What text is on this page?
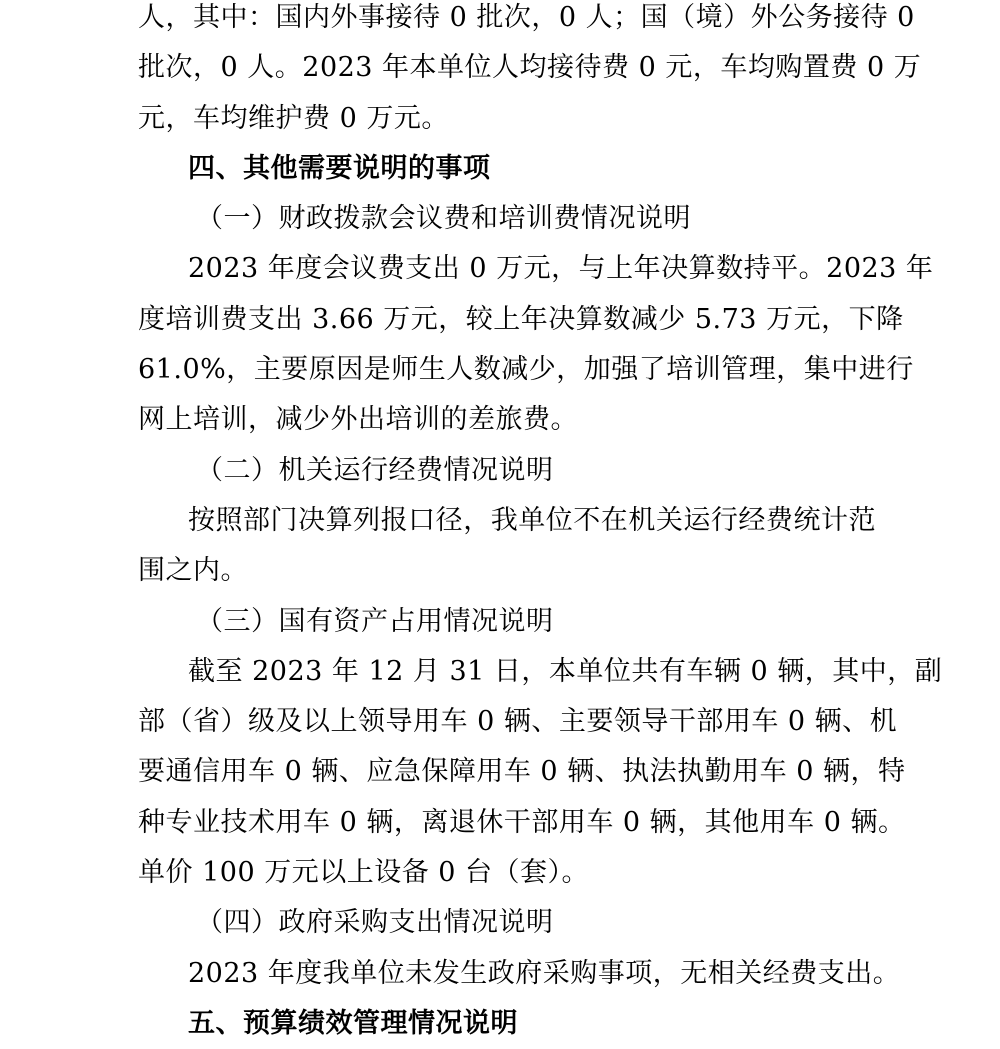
人，其中：国内外事接待 0 批次，0 人；国（境）外公务接待 0
批次，0 人。2023 年本单位人均接待费 0 元，车均购置费 0 万
元，车均维护费 0 万元。
四、其他需要说明的事项
（一）财政拨款会议费和培训费情况说明
2023 年度会议费支出 0 万元，与上年决算数持平。2023 年
度培训费支出 3.66 万元，较上年决算数减少 5.73 万元，下降
61.0%，主要原因是师生人数减少，加强了培训管理，集中进行
网上培训，减少外出培训的差旅费。
（二）机关运行经费情况说明
按照部门决算列报口径，我单位不在机关运行经费统计范
围之内。
（三）国有资产占用情况说明
截至 2023 年 12 月 31 日，本单位共有车辆 0 辆，其中，副
部（省）级及以上领导用车 0 辆、主要领导干部用车 0 辆、机
要通信用车 0 辆、应急保障用车 0 辆、执法执勤用车 0 辆，特
种专业技术用车 0 辆，离退休干部用车 0 辆，其他用车 0 辆。
单价 100 万元以上设备 0 台（套）。
（四）政府采购支出情况说明
2023 年度我单位未发生政府采购事项，无相关经费支出。
五、预算绩效管理情况说明
